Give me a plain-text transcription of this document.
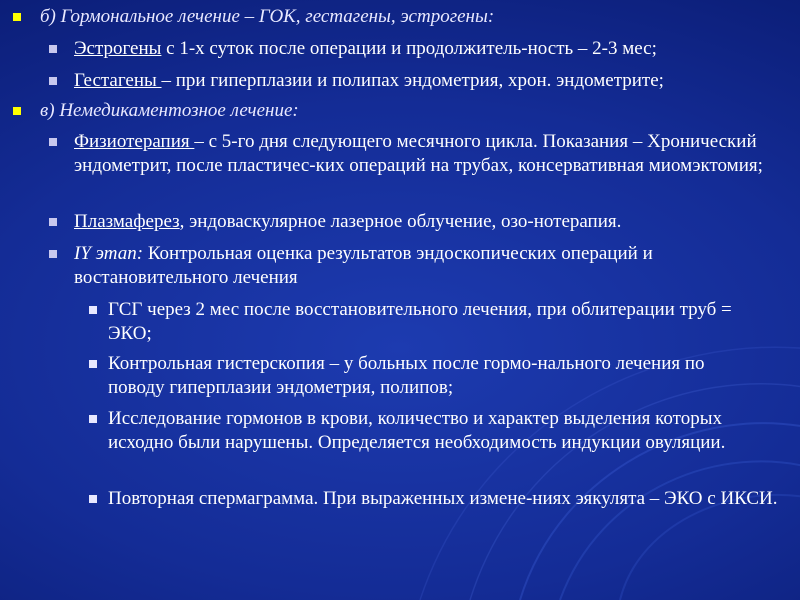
б) Гормональное лечение – ГОК, гестагены, эстрогены:
Эстрогены с 1-х суток после операции и продолжитель-ность – 2-3 мес;
Гестагены – при гиперплазии и полипах эндометрия, хрон. эндометрите;
в) Немедикаментозное лечение:
Физиотерапия – с 5-го дня следующего месячного цикла. Показания – Хронический эндометрит, после пластичес-ких операций на трубах, консервативная миомэктомия;
Плазмаферез, эндоваскулярное лазерное облучение, озо-нотерапия.
IY этап: Контрольная оценка результатов эндоскопических операций и востановительного лечения
ГСГ через 2 мес после восстановительного лечения, при облитерации труб = ЭКО;
Контрольная гистерскопия – у больных после гормо-нального лечения по поводу гиперплазии эндометрия, полипов;
Исследование гормонов в крови, количество и характер выделения которых исходно были нарушены. Определяется необходимость индукции овуляции.
Повторная спермаграмма. При выраженных измене-ниях эякулята – ЭКО с ИКСИ.
